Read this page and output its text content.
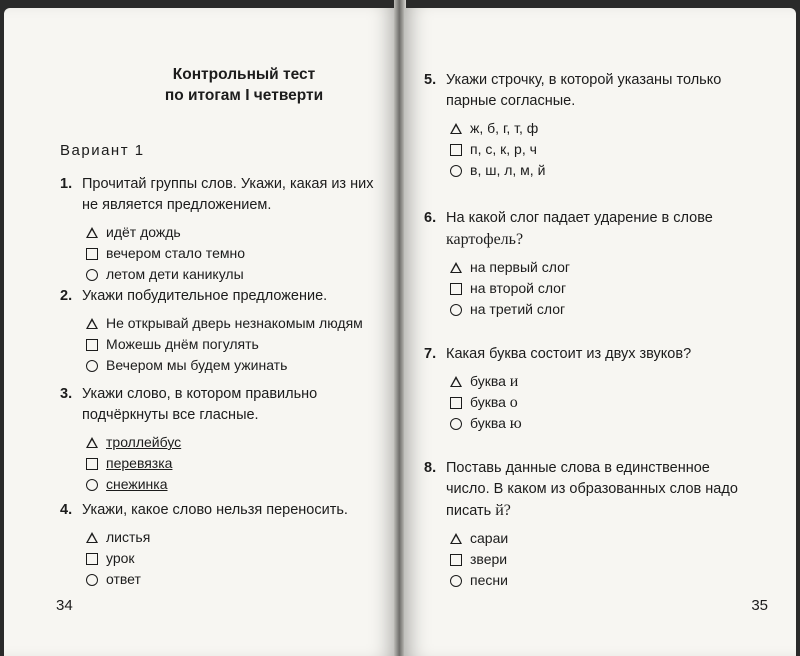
Контрольный тест
по итогам I четверти
Вариант 1
1. Прочитай группы слов. Укажи, какая из них не является предложением.
идёт дождь
вечером стало темно
летом дети каникулы
2. Укажи побудительное предложение.
Не открывай дверь незнакомым людям
Можешь днём погулять
Вечером мы будем ужинать
3. Укажи слово, в котором правильно подчёркнуты все гласные.
троллейбус
перевязка
снежинка
4. Укажи, какое слово нельзя переносить.
листья
урок
ответ
34
5. Укажи строчку, в которой указаны только парные согласные.
ж, б, г, т, ф
п, с, к, р, ч
в, ш, л, м, й
6. На какой слог падает ударение в слове картофель?
на первый слог
на второй слог
на третий слог
7. Какая буква состоит из двух звуков?
буква
и
буква
о
буква
ю
8. Поставь данные слова в единственное число. В каком из образованных слов надо писать й?
сараи
звери
песни
35
